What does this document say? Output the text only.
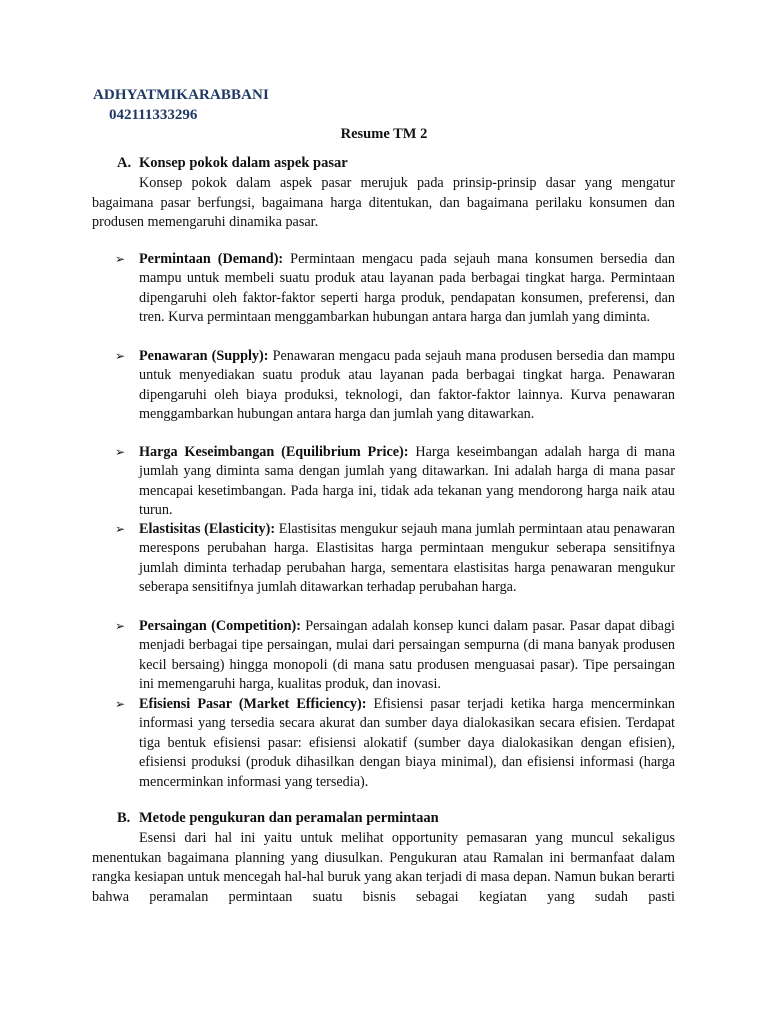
ADHYATMIKARABBANI
042111333296
Resume TM 2
A. Konsep pokok dalam aspek pasar

Konsep pokok dalam aspek pasar merujuk pada prinsip-prinsip dasar yang mengatur bagaimana pasar berfungsi, bagaimana harga ditentukan, dan bagaimana perilaku konsumen dan produsen memengaruhi dinamika pasar.

➢ Permintaan (Demand): Permintaan mengacu pada sejauh mana konsumen bersedia dan mampu untuk membeli suatu produk atau layanan pada berbagai tingkat harga. Permintaan dipengaruhi oleh faktor-faktor seperti harga produk, pendapatan konsumen, preferensi, dan tren. Kurva permintaan menggambarkan hubungan antara harga dan jumlah yang diminta.
➢ Penawaran (Supply): Penawaran mengacu pada sejauh mana produsen bersedia dan mampu untuk menyediakan suatu produk atau layanan pada berbagai tingkat harga. Penawaran dipengaruhi oleh biaya produksi, teknologi, dan faktor-faktor lainnya. Kurva penawaran menggambarkan hubungan antara harga dan jumlah yang ditawarkan.
➢ Harga Keseimbangan (Equilibrium Price): Harga keseimbangan adalah harga di mana jumlah yang diminta sama dengan jumlah yang ditawarkan. Ini adalah harga di mana pasar mencapai kesetimbangan. Pada harga ini, tidak ada tekanan yang mendorong harga naik atau turun.
➢ Elastisitas (Elasticity): Elastisitas mengukur sejauh mana jumlah permintaan atau penawaran merespons perubahan harga. Elastisitas harga permintaan mengukur seberapa sensitifnya jumlah diminta terhadap perubahan harga, sementara elastisitas harga penawaran mengukur seberapa sensitifnya jumlah ditawarkan terhadap perubahan harga.
➢ Persaingan (Competition): Persaingan adalah konsep kunci dalam pasar. Pasar dapat dibagi menjadi berbagai tipe persaingan, mulai dari persaingan sempurna (di mana banyak produsen kecil bersaing) hingga monopoli (di mana satu produsen menguasai pasar). Tipe persaingan ini memengaruhi harga, kualitas produk, dan inovasi.
➢ Efisiensi Pasar (Market Efficiency): Efisiensi pasar terjadi ketika harga mencerminkan informasi yang tersedia secara akurat dan sumber daya dialokasikan secara efisien. Terdapat tiga bentuk efisiensi pasar: efisiensi alokatif (sumber daya dialokasikan dengan efisien), efisiensi produksi (produk dihasilkan dengan biaya minimal), dan efisiensi informasi (harga mencerminkan informasi yang tersedia).
B. Metode pengukuran dan peramalan permintaan

Esensi dari hal ini yaitu untuk melihat opportunity pemasaran yang muncul sekaligus menentukan bagaimana planning yang diusulkan. Pengukuran atau Ramalan ini bermanfaat dalam rangka kesiapan untuk mencegah hal-hal buruk yang akan terjadi di masa depan. Namun bukan berarti bahwa peramalan permintaan suatu bisnis sebagai kegiatan yang sudah pasti
